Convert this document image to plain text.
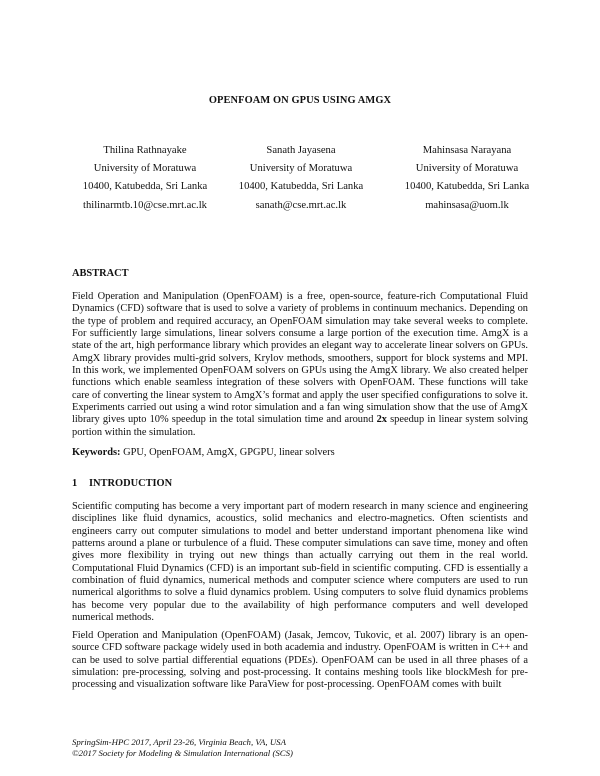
OPENFOAM ON GPUS USING AMGX
Thilina Rathnayake
University of Moratuwa
10400, Katubedda, Sri Lanka
thilinarmtb.10@cse.mrt.ac.lk
Sanath Jayasena
University of Moratuwa
10400, Katubedda, Sri Lanka
sanath@cse.mrt.ac.lk
Mahinsasa Narayana
University of Moratuwa
10400, Katubedda, Sri Lanka
mahinsasa@uom.lk
ABSTRACT

Field Operation and Manipulation (OpenFOAM) is a free, open-source, feature-rich Computational Fluid Dynamics (CFD) software that is used to solve a variety of problems in continuum mechanics. Depending on the type of problem and required accuracy, an OpenFOAM simulation may take several weeks to complete. For sufficiently large simulations, linear solvers consume a large portion of the execution time. AmgX is a state of the art, high performance library which provides an elegant way to accelerate linear solvers on GPUs. AmgX library provides multi-grid solvers, Krylov methods, smoothers, support for block systems and MPI. In this work, we implemented OpenFOAM solvers on GPUs using the AmgX library. We also created helper functions which enable seamless integration of these solvers with OpenFOAM. These functions will take care of converting the linear system to AmgX’s format and apply the user specified configurations to solve it. Experiments carried out using a wind rotor simulation and a fan wing simulation show that the use of AmgX library gives upto 10% speedup in the total simulation time and around 2x speedup in linear system solving portion within the simulation.

Keywords: GPU, OpenFOAM, AmgX, GPGPU, linear solvers
1 INTRODUCTION

Scientific computing has become a very important part of modern research in many science and engineering disciplines like fluid dynamics, acoustics, solid mechanics and electro-magnetics. Often scientists and engineers carry out computer simulations to model and better understand important phenomena like wind patterns around a plane or turbulence of a fluid. These computer simulations can save time, money and often gives more flexibility in trying out new things than actually carrying out them in the real world. Computational Fluid Dynamics (CFD) is an important sub-field in scientific computing. CFD is essentially a combination of fluid dynamics, numerical methods and computer science where computers are used to run numerical algorithms to solve a fluid dynamics problem. Using computers to solve fluid dynamics problems has become very popular due to the availability of high performance computers and well developed numerical methods.

Field Operation and Manipulation (OpenFOAM) (Jasak, Jemcov, Tukovic, et al. 2007) library is an open-source CFD software package widely used in both academia and industry. OpenFOAM is written in C++ and can be used to solve partial differential equations (PDEs). OpenFOAM can be used in all three phases of a simulation: pre-processing, solving and post-processing. It contains meshing tools like blockMesh for pre-processing and visualization software like ParaView for post-processing. OpenFOAM comes with built

SpringSim-HPC 2017, April 23-26, Virginia Beach, VA, USA
©2017 Society for Modeling & Simulation International (SCS)
